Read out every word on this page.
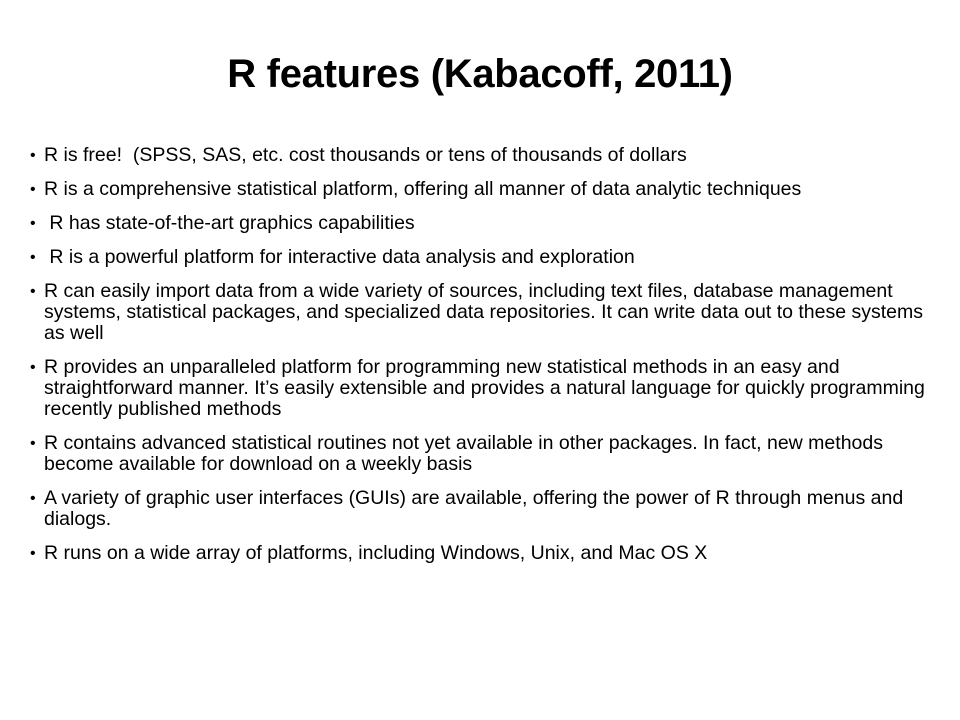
R features (Kabacoff, 2011)
• R is free!  (SPSS, SAS, etc. cost thousands or tens of thousands of dollars
• R is a comprehensive statistical platform, offering all manner of data analytic techniques
• R has state-of-the-art graphics capabilities
• R is a powerful platform for interactive data analysis and exploration
• R can easily import data from a wide variety of sources, including text files, database management systems, statistical packages, and specialized data repositories. It can write data out to these systems as well
• R provides an unparalleled platform for programming new statistical methods in an easy and straightforward manner. It’s easily extensible and provides a natural language for quickly programming recently published methods
• R contains advanced statistical routines not yet available in other packages. In fact, new methods become available for download on a weekly basis
• A variety of graphic user interfaces (GUIs) are available, offering the power of R through menus and dialogs.
• R runs on a wide array of platforms, including Windows, Unix, and Mac OS X
